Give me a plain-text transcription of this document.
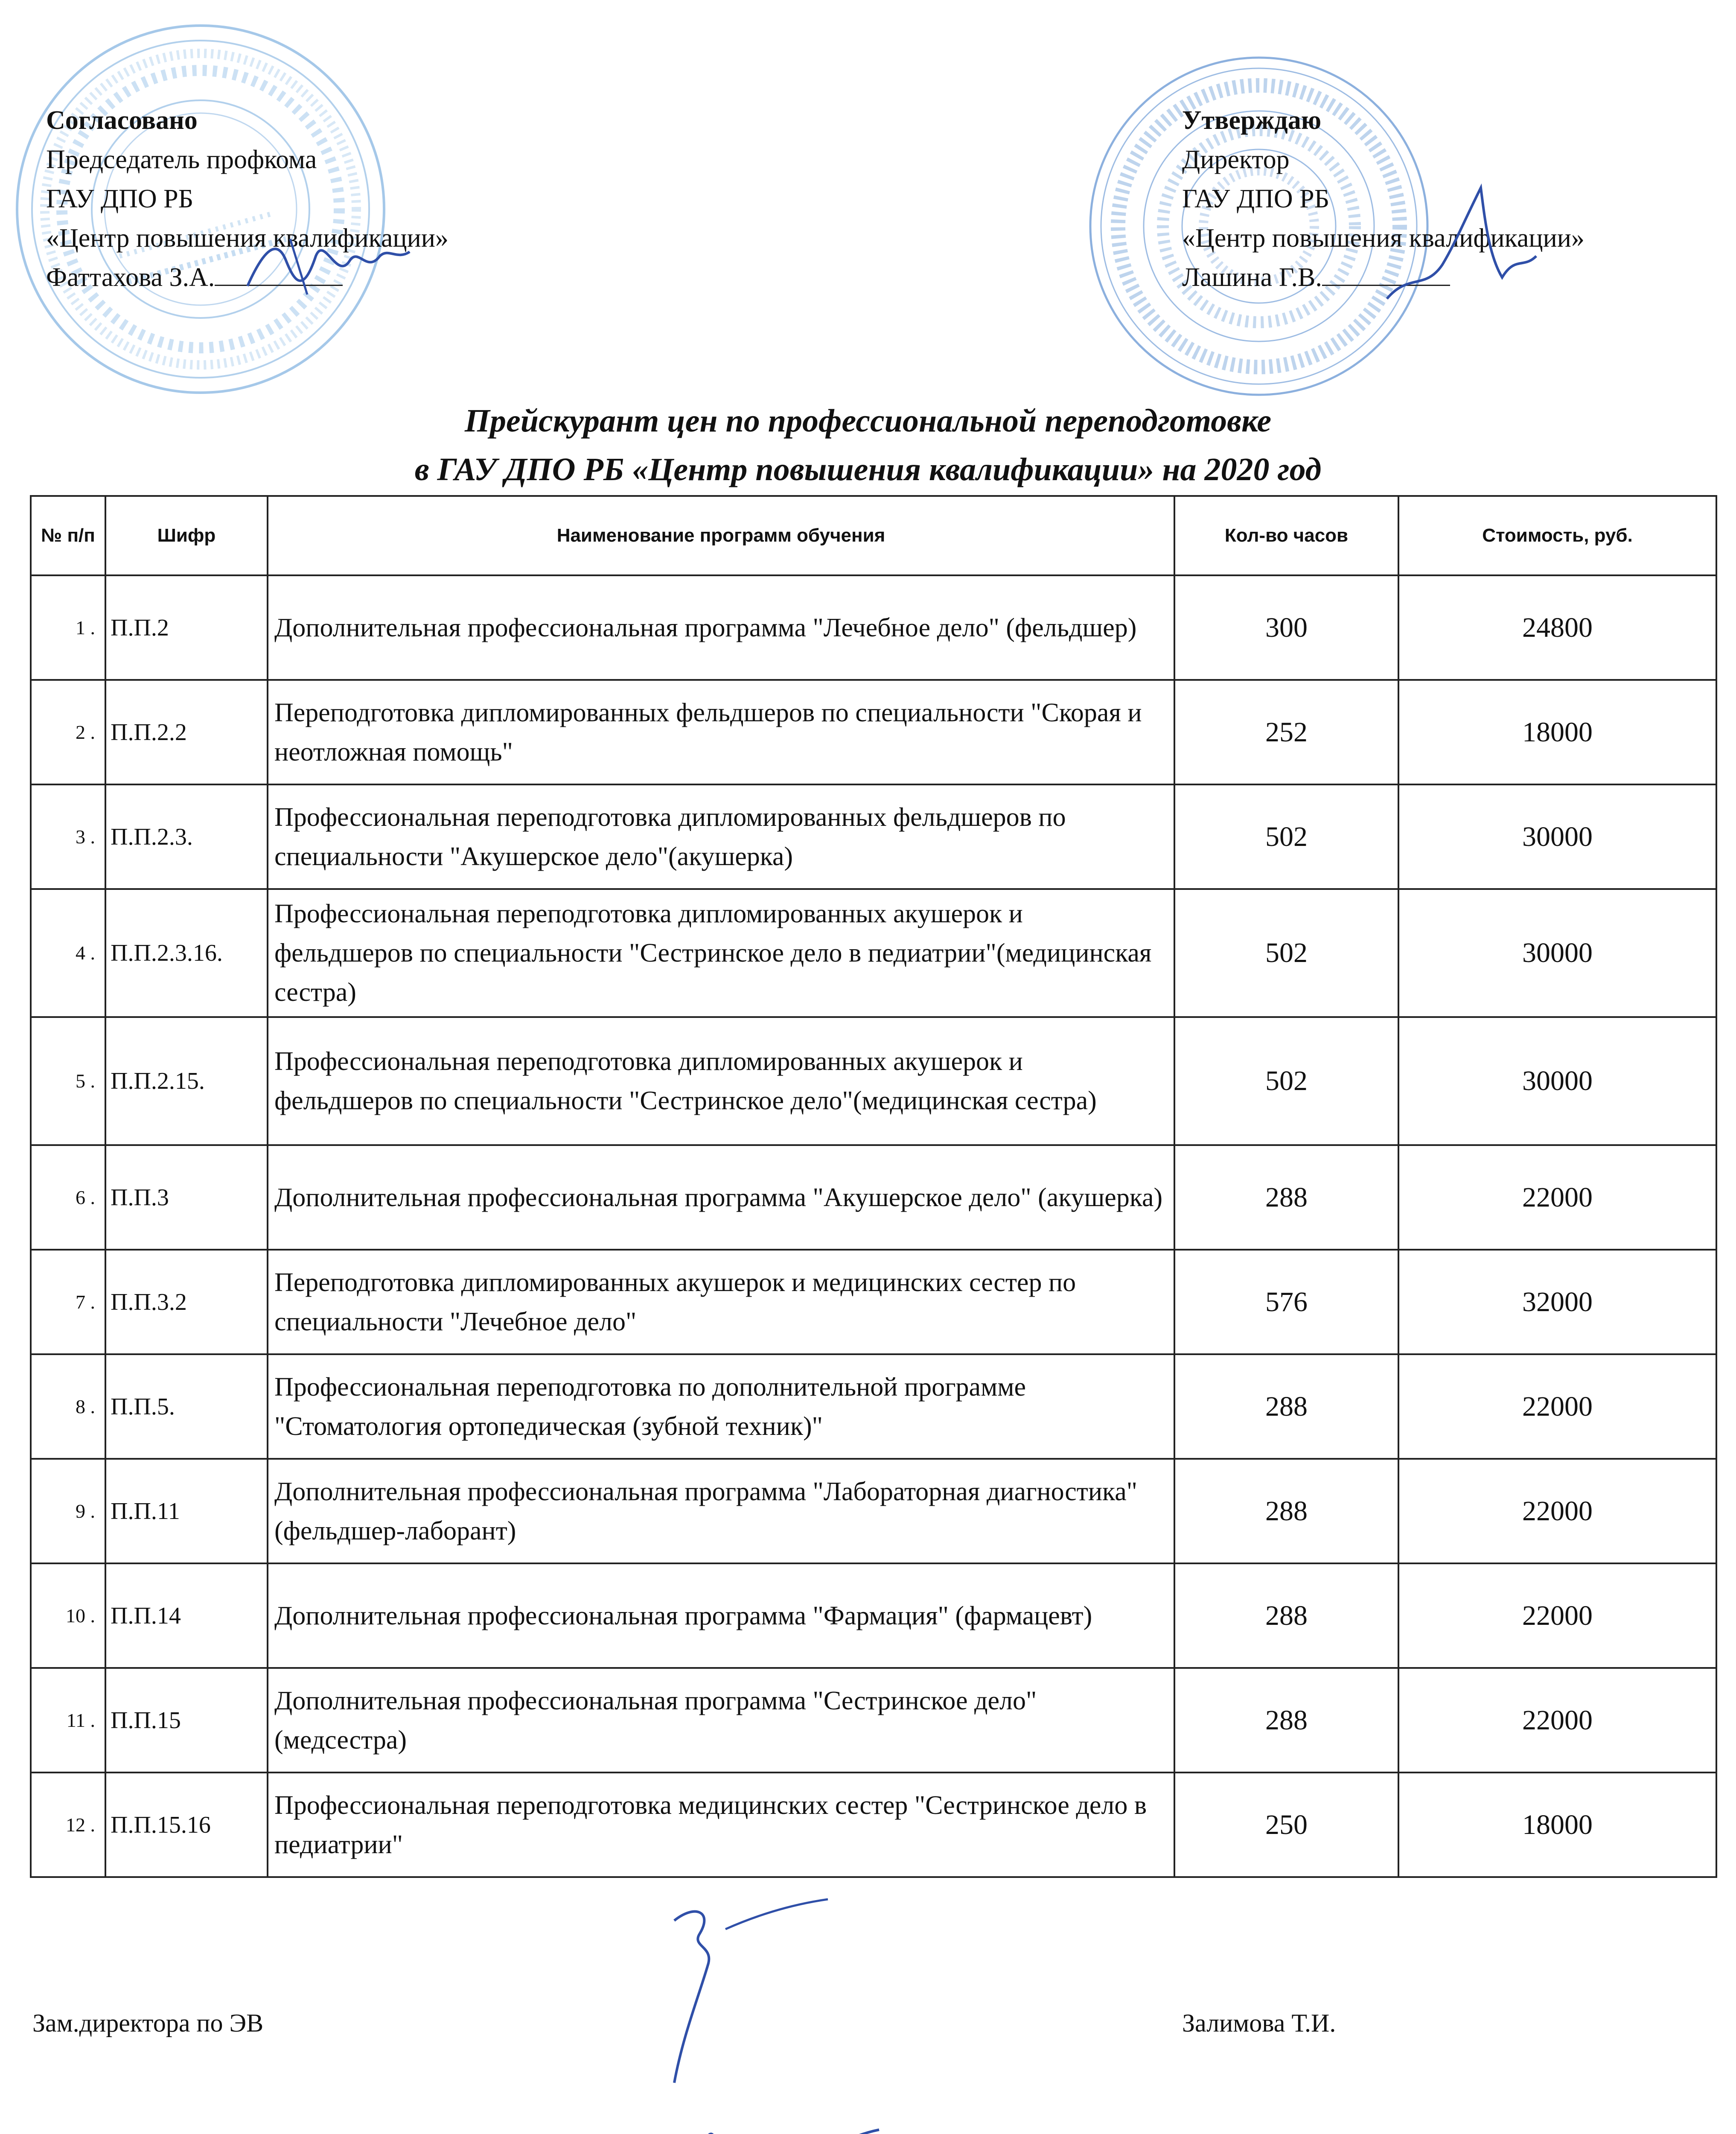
Согласовано
Председатель профкома
ГАУ ДПО РБ
«Центр повышения квалификации»
Фаттахова З.А.
Утверждаю
Директор
ГАУ ДПО РБ
«Центр повышения квалификации»
Лашина Г.В.
Прейскурант цен по профессиональной переподготовке
в ГАУ ДПО РБ «Центр повышения квалификации» на 2020 год
№ п/п	Шифр	Наименование программ обучения	Кол-во часов	Стоимость, руб.
1 .	П.П.2	Дополнительная профессиональная программа "Лечебное дело" (фельдшер)	300	24800
2 .	П.П.2.2	Переподготовка дипломированных фельдшеров по специальности "Скорая и неотложная помощь"	252	18000
3 .	П.П.2.3.	Профессиональная переподготовка дипломированных фельдшеров по специальности "Акушерское дело"(акушерка)	502	30000
4 .	П.П.2.3.16.	Профессиональная переподготовка дипломированных акушерок и фельдшеров по специальности "Сестринское дело в педиатрии"(медицинская сестра)	502	30000
5 .	П.П.2.15.	Профессиональная переподготовка дипломированных акушерок и фельдшеров по специальности "Сестринское дело"(медицинская сестра)	502	30000
6 .	П.П.3	Дополнительная профессиональная программа "Акушерское дело" (акушерка)	288	22000
7 .	П.П.3.2	Переподготовка дипломированных акушерок и медицинских сестер по специальности "Лечебное дело"	576	32000
8 .	П.П.5.	Профессиональная переподготовка по дополнительной программе "Стоматология ортопедическая (зубной техник)"	288	22000
9 .	П.П.11	Дополнительная профессиональная программа "Лабораторная диагностика" (фельдшер-лаборант)	288	22000
10 .	П.П.14	Дополнительная профессиональная программа "Фармация" (фармацевт)	288	22000
11 .	П.П.15	Дополнительная профессиональная программа "Сестринское дело" (медсестра)	288	22000
12 .	П.П.15.16	Профессиональная переподготовка медицинских сестер "Сестринское дело в педиатрии"	250	18000
Зам.директора по ЭВ	Залимова Т.И.
